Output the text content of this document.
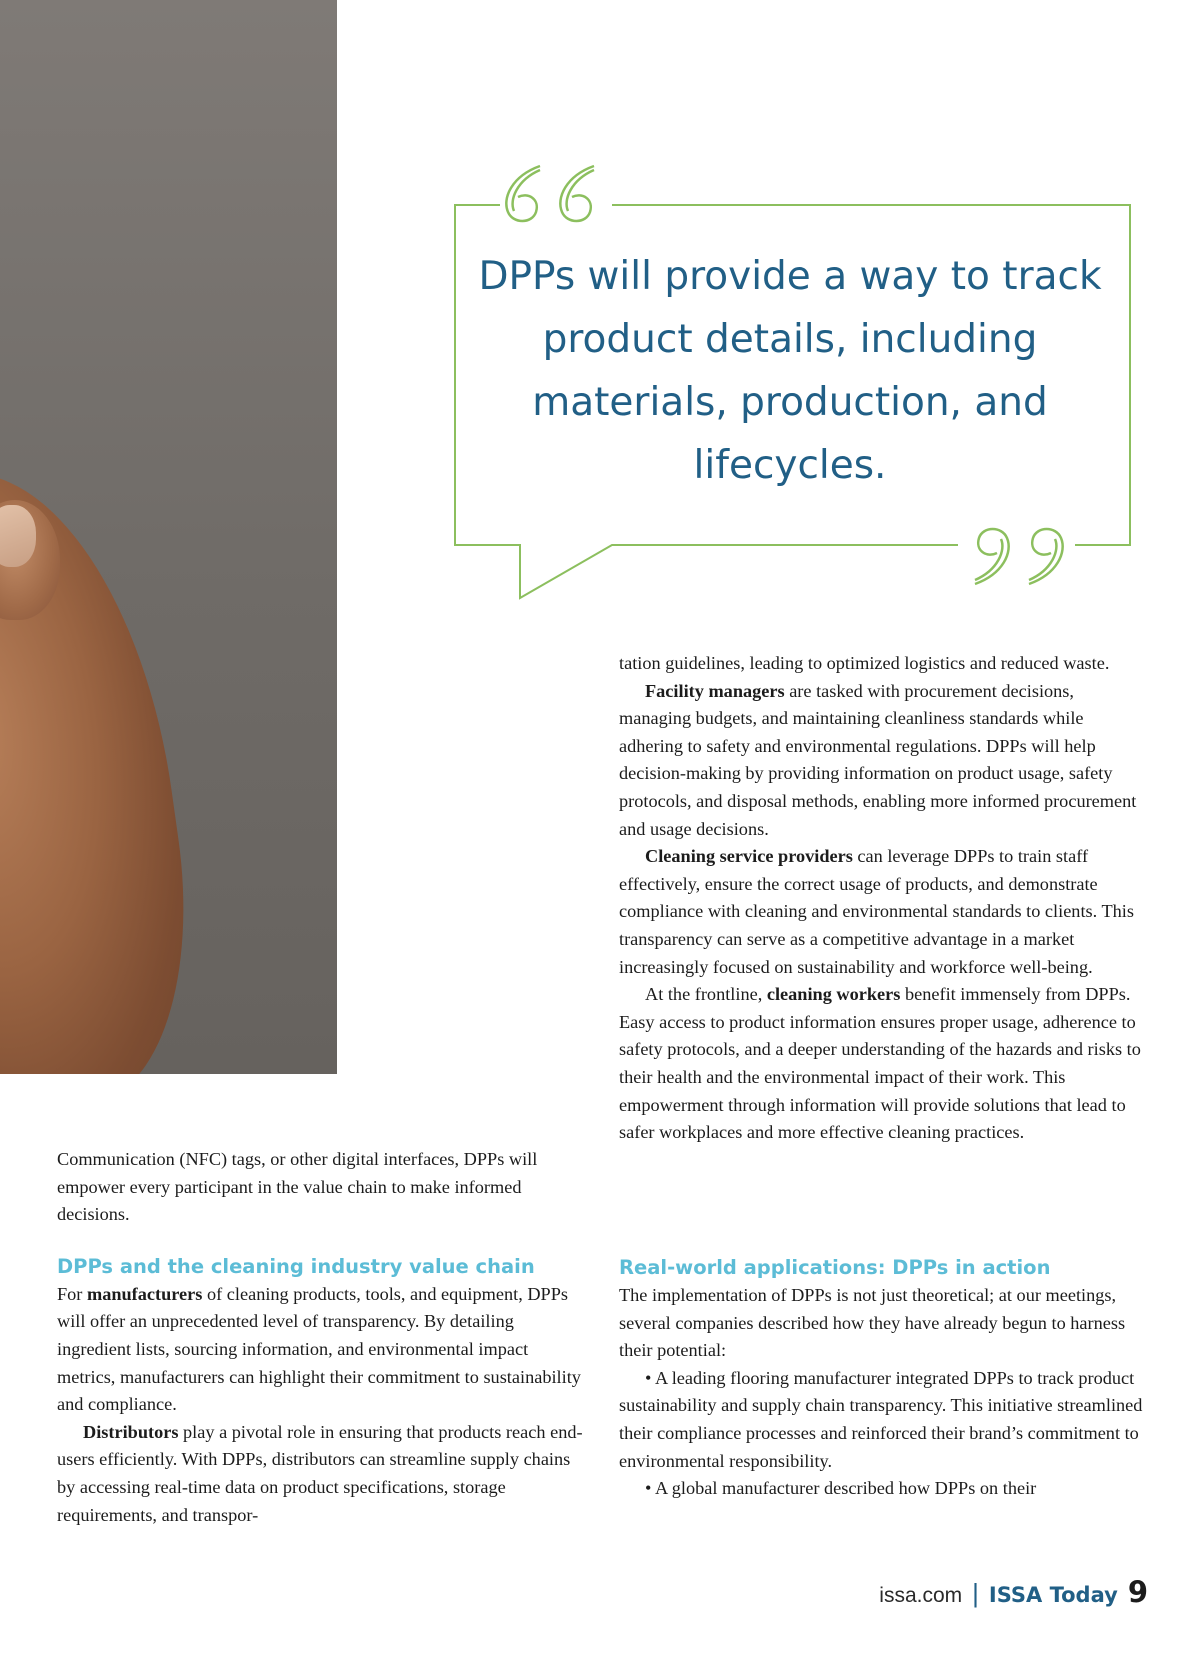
DPPs will provide a way to track product details, including materials, production, and lifecycles.

Communication (NFC) tags, or other digital interfaces, DPPs will empower every participant in the value chain to make informed decisions.

DPPs and the cleaning industry value chain

For manufacturers of cleaning products, tools, and equipment, DPPs will offer an unprecedented level of transparency. By detailing ingredient lists, sourcing information, and environmental impact metrics, manufacturers can highlight their commitment to sustainability and compliance.

Distributors play a pivotal role in ensuring that products reach end-users efficiently. With DPPs, distributors can streamline supply chains by accessing real-time data on product specifications, storage requirements, and transpor-

tation guidelines, leading to optimized logistics and reduced waste.

Facility managers are tasked with procurement decisions, managing budgets, and maintaining cleanliness standards while adhering to safety and environmental regulations. DPPs will help decision-making by providing information on product usage, safety protocols, and disposal methods, enabling more informed procurement and usage decisions.

Cleaning service providers can leverage DPPs to train staff effectively, ensure the correct usage of products, and demonstrate compliance with cleaning and environmental standards to clients. This transparency can serve as a competitive advantage in a market increasingly focused on sustainability and workforce well-being.

At the frontline, cleaning workers benefit immensely from DPPs. Easy access to product information ensures proper usage, adherence to safety protocols, and a deeper understanding of the hazards and risks to their health and the environmental impact of their work. This empowerment through information will provide solutions that lead to safer workplaces and more effective cleaning practices.

Real-world applications: DPPs in action

The implementation of DPPs is not just theoretical; at our meetings, several companies described how they have already begun to harness their potential:

• A leading flooring manufacturer integrated DPPs to track product sustainability and supply chain transparency. This initiative streamlined their compliance processes and reinforced their brand’s commitment to environmental responsibility.

• A global manufacturer described how DPPs on their

issa.com | ISSA Today 9
